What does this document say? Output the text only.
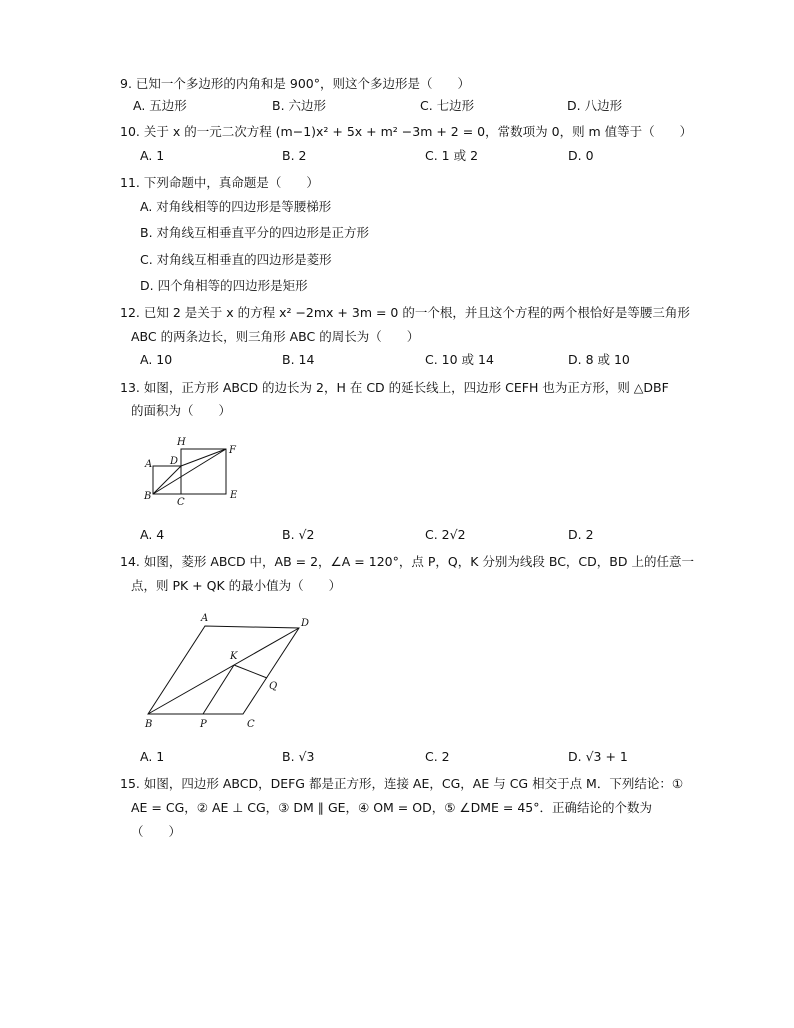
9. 已知一个多边形的内角和是 900°，则这个多边形是（　　）
A. 五边形	B. 六边形	C. 七边形	D. 八边形
10. 关于 x 的一元二次方程 (m−1)x² + 5x + m² −3m + 2 = 0，常数项为 0，则 m 值等于（　　）
A. 1	B. 2	C. 1 或 2	D. 0
11. 下列命题中，真命题是（　　）
A. 对角线相等的四边形是等腰梯形
B. 对角线互相垂直平分的四边形是正方形
C. 对角线互相垂直的四边形是菱形
D. 四个角相等的四边形是矩形
12. 已知 2 是关于 x 的方程 x² −2mx + 3m = 0 的一个根，并且这个方程的两个根恰好是等腰三角形
ABC 的两条边长，则三角形 ABC 的周长为（　　）
A. 10	B. 14	C. 10 或 14	D. 8 或 10
13. 如图，正方形 ABCD 的边长为 2，H 在 CD 的延长线上，四边形 CEFH 也为正方形，则 △DBF
的面积为（　　）
A
B
C
D
H
E
F
A. 4	B. √2	C. 2√2	D. 2
14. 如图，菱形 ABCD 中，AB = 2，∠A = 120°，点 P，Q，K 分别为线段 BC，CD，BD 上的任意一
点，则 PK + QK 的最小值为（　　）
A
B	C
D
K
P
Q
A. 1	B. √3	C. 2	D. √3 + 1
15. 如图，四边形 ABCD，DEFG 都是正方形，连接 AE，CG，AE 与 CG 相交于点 M．下列结论：①
AE = CG，② AE ⊥ CG，③ DM ∥ GE，④ OM = OD，⑤ ∠DME = 45°．正确结论的个数为
（　　）
